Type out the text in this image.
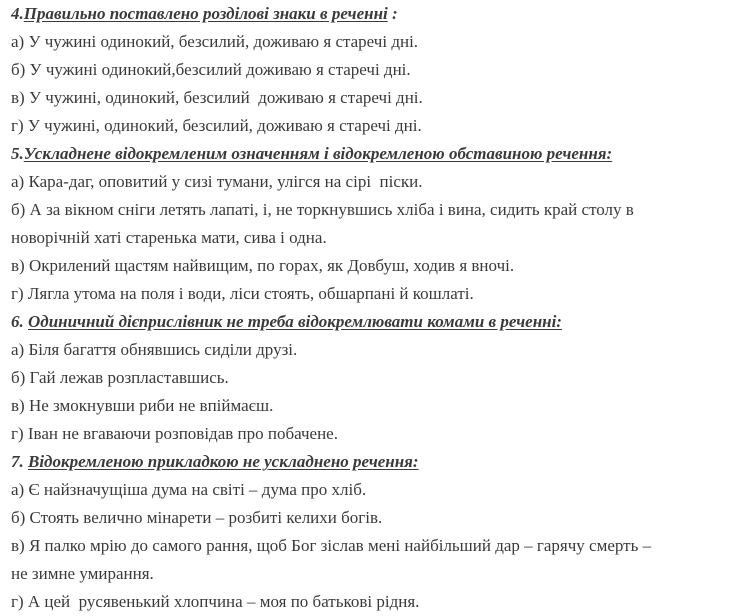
4.Правильно поставлено розділові знаки в реченні :
а) У чужині одинокий, безсилий, доживаю я старечі дні.
б) У чужині одинокий,безсилий доживаю я старечі дні.
в) У чужині, одинокий, безсилий  доживаю я старечі дні.
г) У чужині, одинокий, безсилий, доживаю я старечі дні.
5.Ускладнене відокремленим означенням і відокремленою обставиною речення:
а) Кара-даг, оповитий у сизі тумани, улігся на сірі  піски.
б) А за вікном сніги летять лапаті, і, не торкнувшись хліба і вина, сидить край столу в
новорічній хаті старенька мати, сива і одна.
в) Окрилений щастям найвищим, по горах, як Довбуш, ходив я вночі.
г) Лягла утома на поля і води, ліси стоять, обшарпані й кошлаті.
6. Одиничний дієприслівник не треба відокремлювати комами в реченні:
а) Біля багаття обнявшись сиділи друзі.
б) Гай лежав розпластавшись.
в) Не змокнувши риби не впіймаєш.
г) Іван не вгаваючи розповідав про побачене.
7. Відокремленою прикладкою не ускладнено речення:
а) Є найзначущіша дума на світі – дума про хліб.
б) Стоять велично мінарети – розбиті келихи богів.
в) Я палко мрію до самого рання, щоб Бог зіслав мені найбільший дар – гарячу смерть –
не зимне умирання.
г) А цей  русявенький хлопчина – моя по батькові рідня.
